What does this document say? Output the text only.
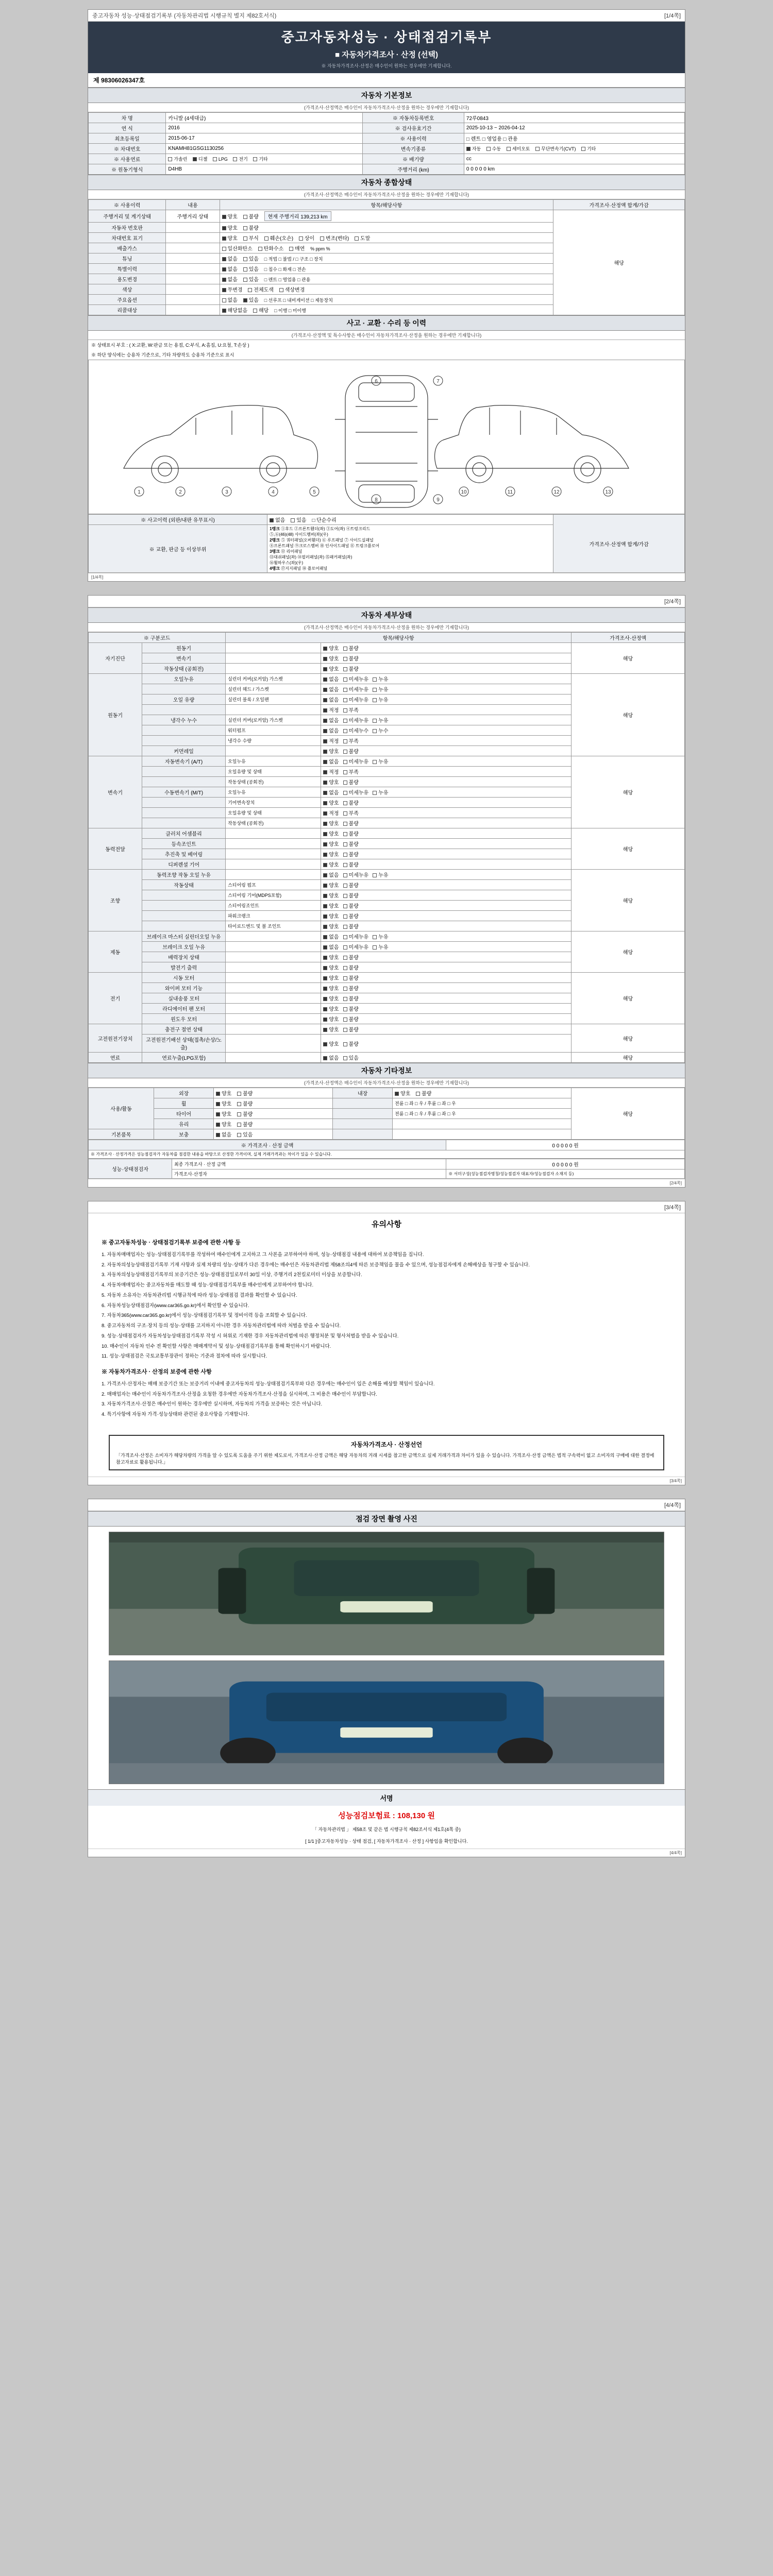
중고자동차 성능·상태점검기록부 (자동차관리법 시행규칙 별지 제82호서식)	[1/4쪽]
중고자동차성능 · 상태점검기록부
■ 자동차가격조사 · 산정 (선택)
※ 자동차가격조사·산정은 매수인이 원하는 경우에만 기재합니다.
제 98306026347호
자동차 기본정보
(가격조사·산정액은 매수인이 자동차가격조사·산정을 원하는 경우에만 기재합니다)
차 명	카니발 (4세대급)	※ 자동차등록번호	72루0843
연 식	2016	※ 검사유효기간	2025-10-13 ~ 2026-04-12
최초등록일	2015-06-17	※ 사용이력	□ 렌트 □ 영업용 □ 관용
※ 차대번호	KNAMH81GSG1130256	변속기종류	자동 수동 세미오토 무단변속기(CVT) 기타
※ 사용연료	가솔린 디젤 LPG 전기 기타	※ 배기량	cc
※ 원동기형식	D4HB	주행거리 (km)	0 0 0 0 0 km
자동차 종합상태
(가격조사·산정액은 매수인이 자동차가격조사·산정을 원하는 경우에만 기재합니다)
※ 사용이력	내용	항목/해당사항	가격조사·산정액 합계/가감
주행거리 및 계기상태	주행거리 상태	양호 불량 현재 주행거리 139,213 km	해당
자동차 번호판		양호 불량	
차대번호 표기		양호 부식 훼손(오손) 상이 변조(변타) 도말	
배출가스		일산화탄소 탄화수소 매연 % ppm %	
튜닝		없음 있음 □ 적법 □ 불법 / □ 구조 □ 장치	
특별이력		없음 있음 □ 침수 □ 화재 □ 전손	
용도변경		없음 있음 □ 렌트 □ 영업용 □ 관용	
색상		무변경 전체도색 색상변경	
주요옵션		없음 있음 □ 선루프 □ 내비게이션 □ 제동장치	
리콜대상		해당없음 해당 □ 이행 □ 미이행	
사고 · 교환 · 수리 등 이력
(가격조사·산정액 및 특수사항은 매수인이 자동차가격조사·산정을 원하는 경우에만 기재합니다)
※ 상태표시 부호 : ( X:교환, W:판금 또는 용접, C:부식, A:흠집, U:요철, T:손상 )
※ 하단 양식에는 승용차 기준으로, 기타 차량작도 승용차 기준으로 표시
1	2	3	4	5
6	7
8	9
10	11	12	13
※ 사고이력 (외판/내판 유무표시)	없음 있음 □ 단순수리	가격조사·산정액 합계/가감
※ 교환, 판금 등 이상부위	
1랭크 ①후드 ②프론트휀더(좌) ③도어(좌) ④트렁크리드
⑤,⑥(46)(48) 사이드멤버(좌)(우)
2랭크 ⑤ 쿼터패널(오버휀더) ⑥ 루프패널 ⑦ 사이드실패널
⑧프론트패널 ⑨크로스멤버 ⑩ 인사이드패널 ⑪ 트렁크플로어
3랭크 ⑫ 리어패널
⑬대쉬패널(좌) ⑭필러패널(좌) ⑮패커패널(좌)
⑯휠하우스(좌)(우)
4랭크 ⑰지지패널 ⑱ 플로어패널
[1/4쪽]
[2/4쪽]
자동차 세부상태
(가격조사·산정액은 매수인이 자동차가격조사·산정을 원하는 경우에만 기재합니다)
※ 구분코드		항목/해당사항		가격조사·산정액
자기진단	원동기		양호 불량	해당
	변속기		양호 불량	
	작동상태 (공회전)		양호 불량	
원동기	오일누유	실린더 커버(로커암) 가스켓	없음 미세누유 누유	해당
		실린더 헤드 / 가스켓	없음 미세누유 누유	
	오일 유량	실린더 블록 / 오일팬	없음 미세누유 누유	
			적정 부족	
	냉각수 누수	실린더 커버(로커암) 가스켓	없음 미세누유 누유	
		워터펌프	없음 미세누수 누수	
		냉각수 수량	적정 부족	
	커먼레일		양호 불량	
변속기	자동변속기 (A/T)	오일누유	없음 미세누유 누유	해당
		오일유량 및 상태	적정 부족	
		작동상태 (공회전)	양호 불량	
	수동변속기 (M/T)	오일누유	없음 미세누유 누유	
		기어변속장치	양호 불량	
		오일유량 및 상태	적정 부족	
		작동상태 (공회전)	양호 불량	
동력전달	클러치 어셈블리		양호 불량	해당
	등속조인트		양호 불량	
	추진축 및 베어링		양호 불량	
	디퍼렌셜 기어		양호 불량	
조향	동력조향 작동 오일 누유		없음 미세누유 누유	해당
	작동상태	스티어링 펌프	양호 불량	
		스티어링 기어(MDPS포함)	양호 불량	
		스티어링조인트	양호 불량	
		파워크랭크	양호 불량	
		타이로드엔드 및 볼 조인트	양호 불량	
제동	브레이크 마스터 실린더오일 누유		없음 미세누유 누유	해당
	브레이크 오일 누유		없음 미세누유 누유	
	배력장치 상태		양호 불량	
	발전기 출력		양호 불량	
전기	시동 모터		양호 불량	해당
	와이퍼 모터 기능		양호 불량	
	실내송풍 모터		양호 불량	
	라디에이터 팬 모터		양호 불량	
	윈도우 모터		양호 불량	
고전원전기장치	충전구 절연 상태		양호 불량	해당
	고전원전기배선 상태(접촉/손상/노출)		양호 불량	
연료	연료누출(LPG포함)		없음 있음	해당
자동차 기타정보
(가격조사·산정액은 매수인이 자동차가격조사·산정을 원하는 경우에만 기재합니다)
사용/활동	외장	양호 불량	내장	양호 불량	해당
	휠	양호 불량		전륜 □ 좌 □ 우 / 후륜 □ 좌 □ 우	
	타이어	양호 불량		전륜 □ 좌 □ 우 / 후륜 □ 좌 □ 우	
	유리	양호 불량			
기본품목	보충	없음 있음			
※ 가격조사 · 산정 금액	0 0 0 0 0 원
※ 가격조사 · 산정가격은 성능점검자가 자동차를 점검한 내용을 바탕으로 산정한 가격이며, 실제 거래가격과는 차이가 있을 수 있습니다.
성능·상태점검자	최종 가격조사 · 산정 금액	0 0 0 0 0 원
	가격조사·산정자	※ 서미구성(성능점검자명칭/성능점검자 대표자/성능점검자 소재지 등)
[2/4쪽]
[3/4쪽]
유의사항
※ 중고자동차성능 · 상태점검기록부 보증에 관한 사항 등

1. 자동차매매업자는 성능·상태점검기록부를 작성하여 매수인에게 고지하고 그 사본을 교부하여야 하며, 성능·상태점검 내용에 대하여 보증책임을 집니다.

2. 자동차의성능상태점검기록부 기재 사항과 실제 차량의 성능·상태가 다른 경우에는 매수인은 자동차관리법 제58조의4에 따른 보증책임을 물을 수 있으며, 성능점검자에게 손해배상을 청구할 수 있습니다.

3. 자동차의성능상태점검기록부의 보증기간은 성능·상태점검일로부터 30일 이상, 주행거리 2천킬로미터 이상을 보증합니다.

4. 자동차매매업자는 중고자동차를 매도할 때 성능·상태점검기록부를 매수인에게 교부하여야 합니다.

5. 자동차 소유자는 자동차관리법 시행규칙에 따라 성능·상태점검 결과를 확인할 수 있습니다.

6. 자동차성능상태점검자(www.car365.go.kr)에서 확인할 수 있습니다.

7. 자동차365(www.car365.go.kr)에서 성능·상태점검기록부 및 정비이력 등을 조회할 수 있습니다.

8. 중고자동차의 구조·장치 등의 성능·상태를 고지하지 아니한 경우 자동차관리법에 따라 처벌을 받을 수 있습니다.

9. 성능·상태점검자가 자동차성능상태점검기록부 작성 시 허위로 기재한 경우 자동차관리법에 따른 행정처분 및 형사처벌을 받을 수 있습니다.

10. 매수인이 자동차 인수 전 확인할 사항은 매매계약서 및 성능·상태점검기록부를 통해 확인하시기 바랍니다.

11. 성능·상태점검은 국토교통부장관이 정하는 기준과 절차에 따라 실시합니다.

※ 자동차가격조사 · 산정의 보증에 관한 사항

1. 가격조사·산정자는 매매 보증기간 또는 보증거리 이내에 중고자동차의 성능·상태점검기록부와 다른 경우에는 매수인이 입은 손해를 배상할 책임이 있습니다.

2. 매매업자는 매수인이 자동차가격조사·산정을 요청한 경우에만 자동차가격조사·산정을 실시하며, 그 비용은 매수인이 부담합니다.

3. 자동차가격조사·산정은 매수인이 원하는 경우에만 실시하며, 자동차의 가격을 보증하는 것은 아닙니다.

4. 특기사항에 자동차 가격·성능상태와 관련된 중요사항을 기재합니다.

자동차가격조사 · 산정선언
「가격조사·산정은 소비자가 해당차량의 가격을 알 수 있도록 도움을 주기 위한 제도로서, 가격조사·산정 금액은 해당 자동차의 거래 시세를 참고한 금액으로 실제 거래가격과 차이가 있을 수 있습니다. 가격조사·산정 금액은 법적 구속력이 없고 소비자의 구매에 대한 결정에 참고자료로 활용됩니다.」
[3/4쪽]
[4/4쪽]
점검 장면 촬영 사진
서명
성능점검보험료 : 108,130 원
「 자동차관리법 」 제58조 및 같은 법 시행규칙 제82조서식 제1호(4쪽 중)
[ 1/1 ]중고자동차성능 · 상태 점검, [ 자동차가격조사 · 산정 ] 사항임을 확인합니다.
[4/4쪽]
